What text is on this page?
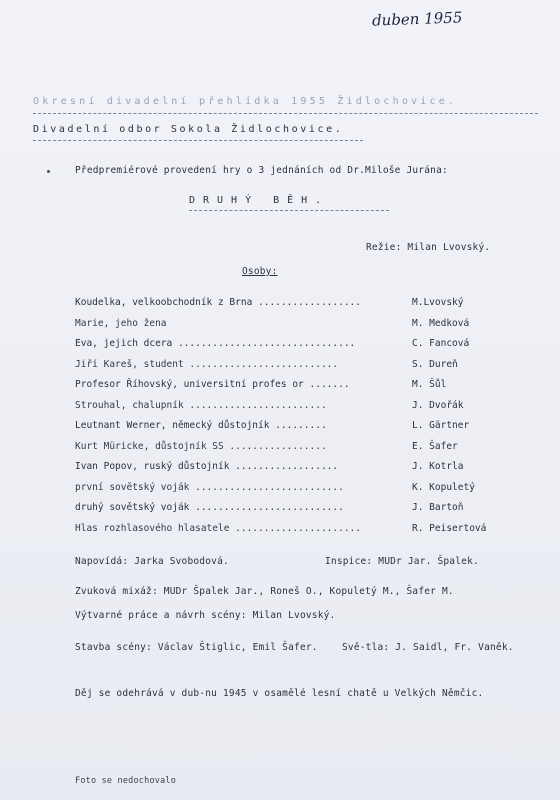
duben 1955
Okresní divadelní přehlídka 1955 Židlochovice.
Divadelní odbor Sokola Židlochovice.
Předpremiérové provedení hry o 3 jednáních od Dr.Miloše Jurána:
DRUHÝ BĚH.
Režie: Milan Lvovský.
Osoby:
Koudelka, velkoobchodník z Brna ..................	M.Lvovský
Marie, jeho žena	M. Medková
Eva, jejich dcera ...............................	C. Fancová
Jiří Kareš, student ..........................	S. Dureň
Profesor Říhovský, universitní profes or .......	M. Šůl
Strouhal, chalupník ........................	J. Dvořák
Leutnant Werner, německý důstojník .........	L. Gärtner
Kurt Müricke, důstojník SS .................	E. Šafer
Ivan Popov, ruský důstojník ..................	J. Kotrla
první sovětský voják ..........................	K. Kopuletý
druhý sovětský voják ..........................	J. Bartoň
Hlas rozhlasového hlasatele ......................	R. Peisertová
Napovídá: Jarka Svobodová.	Inspice: MUDr Jar. Špalek.
Zvuková mixáž: MUDr Špalek Jar., Roneš O., Kopuletý M., Šafer M.
Výtvarné práce a návrh scény: Milan Lvovský.
Stavba scény: Václav Štiglic, Emil Šafer.	Svě-tla: J. Saidl, Fr. Vaněk.
Děj se odehrává v dub-nu 1945 v osamělé lesní chatě u Velkých Němčic.
Foto se nedochovalo
